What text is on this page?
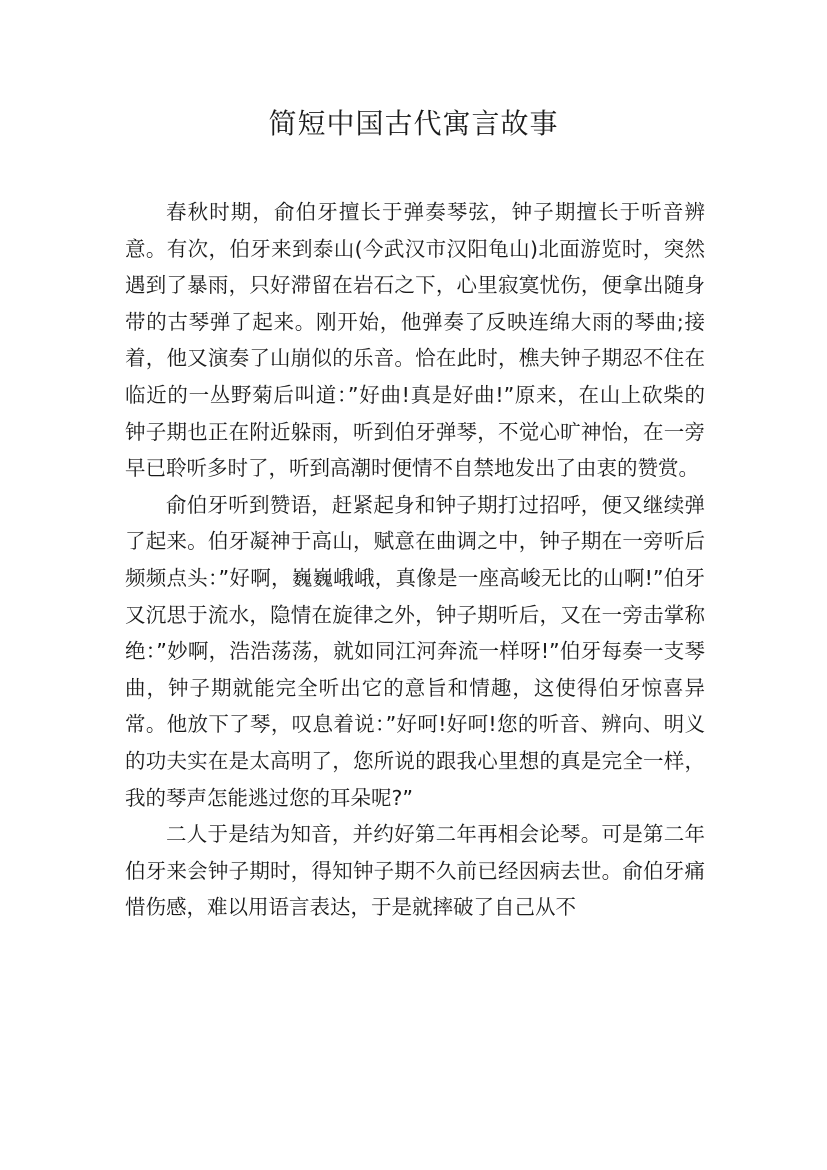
简短中国古代寓言故事

春秋时期，俞伯牙擅长于弹奏琴弦，钟子期擅长于听音辨意。有次，伯牙来到泰山(今武汉市汉阳龟山)北面游览时，突然遇到了暴雨，只好滞留在岩石之下，心里寂寞忧伤，便拿出随身带的古琴弹了起来。刚开始，他弹奏了反映连绵大雨的琴曲;接着，他又演奏了山崩似的乐音。恰在此时，樵夫钟子期忍不住在临近的一丛野菊后叫道：”好曲!真是好曲!”原来，在山上砍柴的钟子期也正在附近躲雨，听到伯牙弹琴，不觉心旷神怡，在一旁早已聆听多时了，听到高潮时便情不自禁地发出了由衷的赞赏。

俞伯牙听到赞语，赶紧起身和钟子期打过招呼，便又继续弹了起来。伯牙凝神于高山，赋意在曲调之中，钟子期在一旁听后频频点头：”好啊，巍巍峨峨，真像是一座高峻无比的山啊!”伯牙又沉思于流水，隐情在旋律之外，钟子期听后，又在一旁击掌称绝：”妙啊，浩浩荡荡，就如同江河奔流一样呀!”伯牙每奏一支琴曲，钟子期就能完全听出它的意旨和情趣，这使得伯牙惊喜异常。他放下了琴，叹息着说：”好呵!好呵!您的听音、辨向、明义的功夫实在是太高明了，您所说的跟我心里想的真是完全一样，我的琴声怎能逃过您的耳朵呢?”

二人于是结为知音，并约好第二年再相会论琴。可是第二年伯牙来会钟子期时，得知钟子期不久前已经因病去世。俞伯牙痛惜伤感，难以用语言表达，于是就摔破了自己从不
